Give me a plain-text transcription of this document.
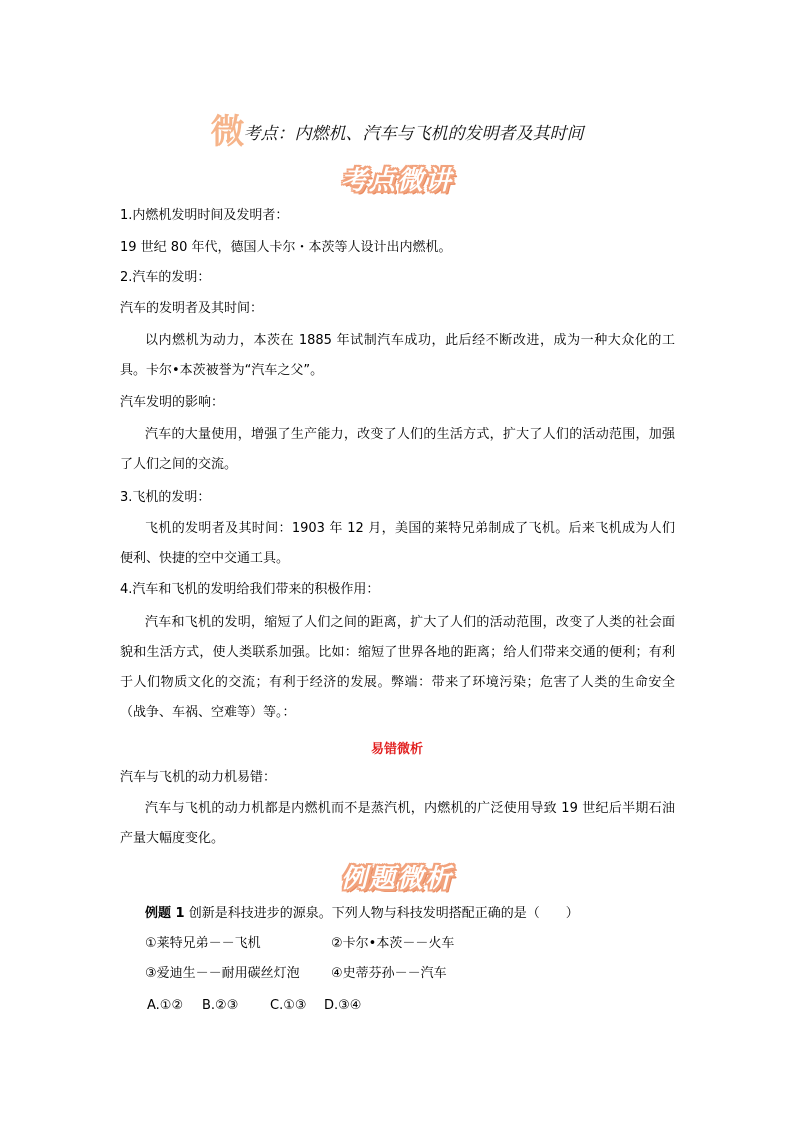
微考点：内燃机、汽车与飞机的发明者及其时间
考点微讲
1.内燃机发明时间及发明者：
19 世纪 80 年代，德国人卡尔・本茨等人设计出内燃机。
2.汽车的发明：
汽车的发明者及其时间：
以内燃机为动力，本茨在 1885 年试制汽车成功，此后经不断改进，成为一种大众化的工具。卡尔•本茨被誉为“汽车之父”。
汽车发明的影响：
汽车的大量使用，增强了生产能力，改变了人们的生活方式，扩大了人们的活动范围，加强了人们之间的交流。
3.飞机的发明：
飞机的发明者及其时间：1903 年 12 月，美国的莱特兄弟制成了飞机。后来飞机成为人们便利、快捷的空中交通工具。
4.汽车和飞机的发明给我们带来的积极作用：
汽车和飞机的发明，缩短了人们之间的距离，扩大了人们的活动范围，改变了人类的社会面貌和生活方式，使人类联系加强。比如：缩短了世界各地的距离；给人们带来交通的便利；有利于人们物质文化的交流；有利于经济的发展。弊端：带来了环境污染；危害了人类的生命安全（战争、车祸、空难等）等。：
易错微析
汽车与飞机的动力机易错：
汽车与飞机的动力机都是内燃机而不是蒸汽机，内燃机的广泛使用导致 19 世纪后半期石油产量大幅度变化。
例题微析
例题 1 创新是科技进步的源泉。下列人物与科技发明搭配正确的是（　　）
①莱特兄弟－－飞机	②卡尔•本茨－－火车
③爱迪生－－耐用碳丝灯泡 ④史蒂芬孙－－汽车
A.①② B.②③ C.①③ D.③④
